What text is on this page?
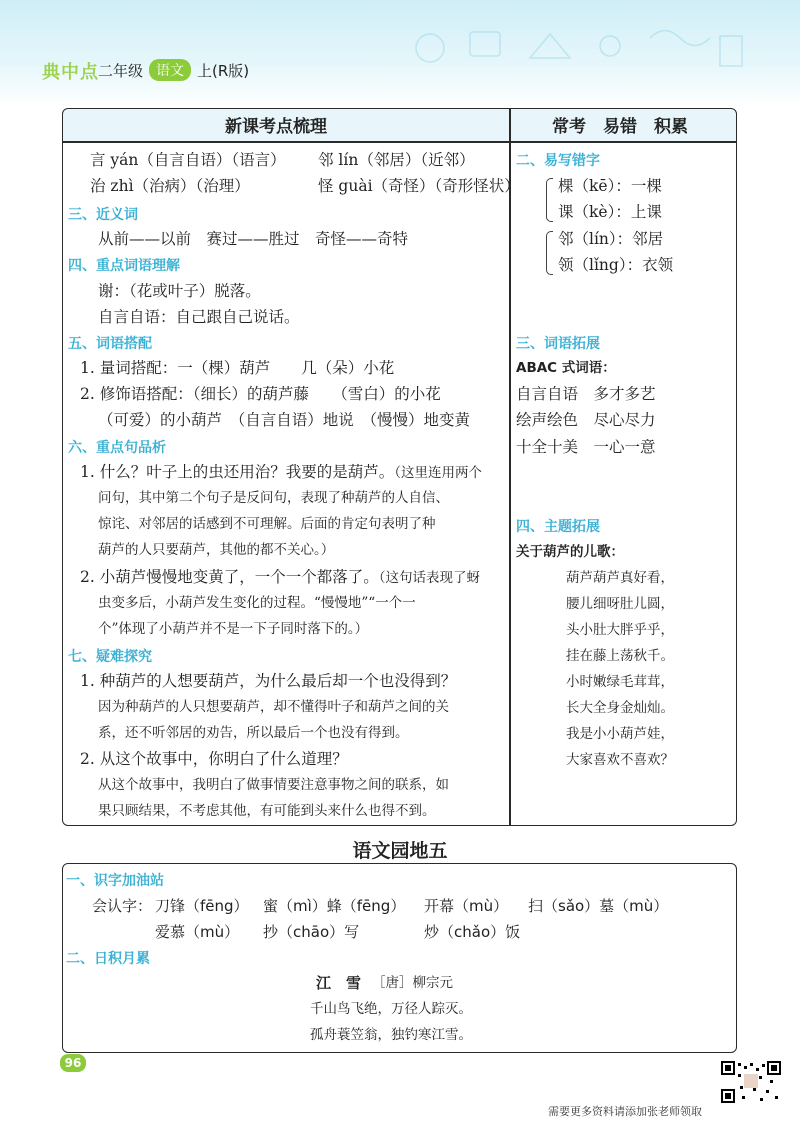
典中点 二年级 语文 上(R版)
新课考点梳理	常考　易错　积累
言 yán（自言自语）（语言） 邻 lín（邻居）（近邻）
治 zhì（治病）（治理）	怪 guài（奇怪）（奇形怪状）
三、近义词
从前——以前　赛过——胜过　奇怪——奇特
四、重点词语理解
谢：（花或叶子）脱落。
自言自语：自己跟自己说话。
五、词语搭配
1. 量词搭配：一（棵）葫芦　　几（朵）小花
2. 修饰语搭配：（细长）的葫芦藤　　（雪白）的小花
（可爱）的小葫芦　（自言自语）地说　（慢慢）地变黄
六、重点句品析
1. 什么？叶子上的虫还用治？我要的是葫芦。（这里连用两个
问句，其中第二个句子是反问句，表现了种葫芦的人自信、
惊诧、对邻居的话感到不可理解。后面的肯定句表明了种
葫芦的人只要葫芦，其他的都不关心。）
2. 小葫芦慢慢地变黄了，一个一个都落了。（这句话表现了蚜
虫变多后，小葫芦发生变化的过程。“慢慢地”“一个一
个”体现了小葫芦并不是一下子同时落下的。）
七、疑难探究
1. 种葫芦的人想要葫芦，为什么最后却一个也没得到？
因为种葫芦的人只想要葫芦，却不懂得叶子和葫芦之间的关
系，还不听邻居的劝告，所以最后一个也没有得到。
2. 从这个故事中，你明白了什么道理？
从这个故事中，我明白了做事情要注意事物之间的联系，如
果只顾结果，不考虑其他，有可能到头来什么也得不到。
二、易写错字
棵（kē）：一棵
课（kè）：上课
邻（lín）：邻居
领（lǐng）：衣领
三、词语拓展
ABAC 式词语：
自言自语　多才多艺
绘声绘色　尽心尽力
十全十美　一心一意
四、主题拓展
关于葫芦的儿歌：
葫芦葫芦真好看，
腰儿细呀肚儿圆，
头小肚大胖乎乎，
挂在藤上荡秋千。
小时嫩绿毛茸茸，
长大全身金灿灿。
我是小小葫芦娃，
大家喜欢不喜欢？
语文园地五
一、识字加油站
会认字： 刀锋（fēng） 蜜（mì）蜂（fēng） 开幕（mù） 扫（sǎo）墓（mù）
爱慕（mù） 抄（chāo）写	炒（chǎo）饭
二、日积月累
江　雪 ［唐］柳宗元
千山鸟飞绝，万径人踪灭。
孤舟蓑笠翁，独钓寒江雪。
96
需要更多资料请添加张老师领取
